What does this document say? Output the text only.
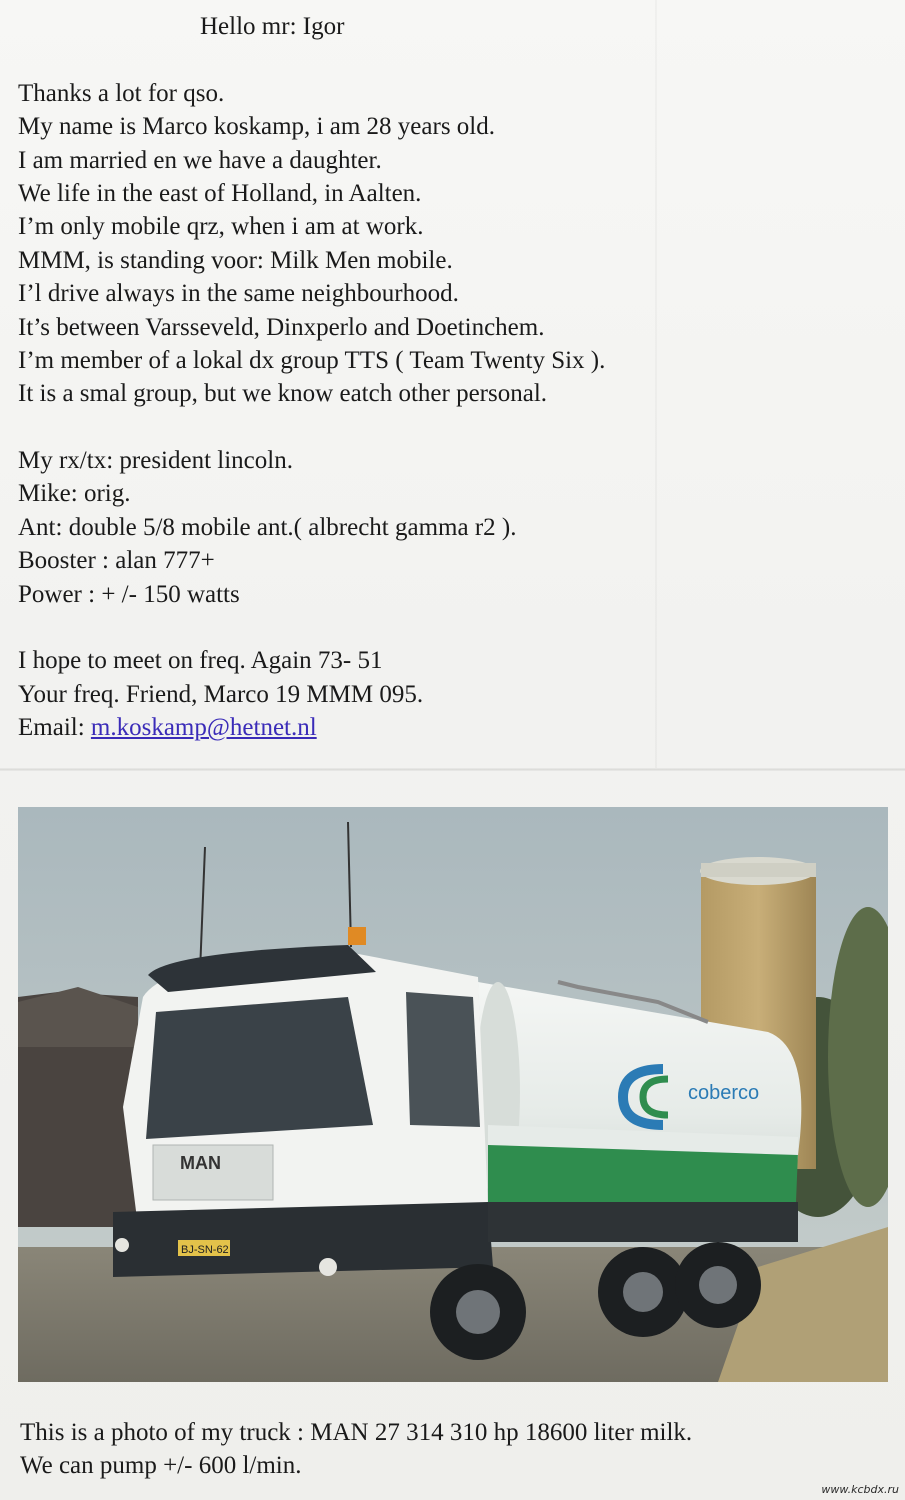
Hello mr: Igor

Thanks a lot for qso.

My name is Marco koskamp, i am 28 years old.

I am married en we have a daughter.

We life in the east of Holland, in Aalten.

I’m only mobile qrz, when i am at work.

MMM, is standing voor: Milk Men mobile.

I’l drive always in the same neighbourhood.

It’s between Varsseveld, Dinxperlo and Doetinchem.

I’m member of a lokal dx group TTS ( Team Twenty Six ).

It is a smal group, but we know eatch other personal.

My rx/tx: president lincoln.

Mike: orig.

Ant: double 5/8 mobile ant.( albrecht gamma r2 ).

Booster : alan 777+

Power : + /- 150 watts

I hope to meet on freq. Again 73- 51

Your freq. Friend, Marco 19 MMM 095.

Email: m.koskamp@hetnet.nl

coberco
MAN
BJ-SN-62

This is a photo of my truck : MAN 27 314 310 hp 18600 liter milk.

We can pump +/- 600 l/min.

www.kcbdx.ru
